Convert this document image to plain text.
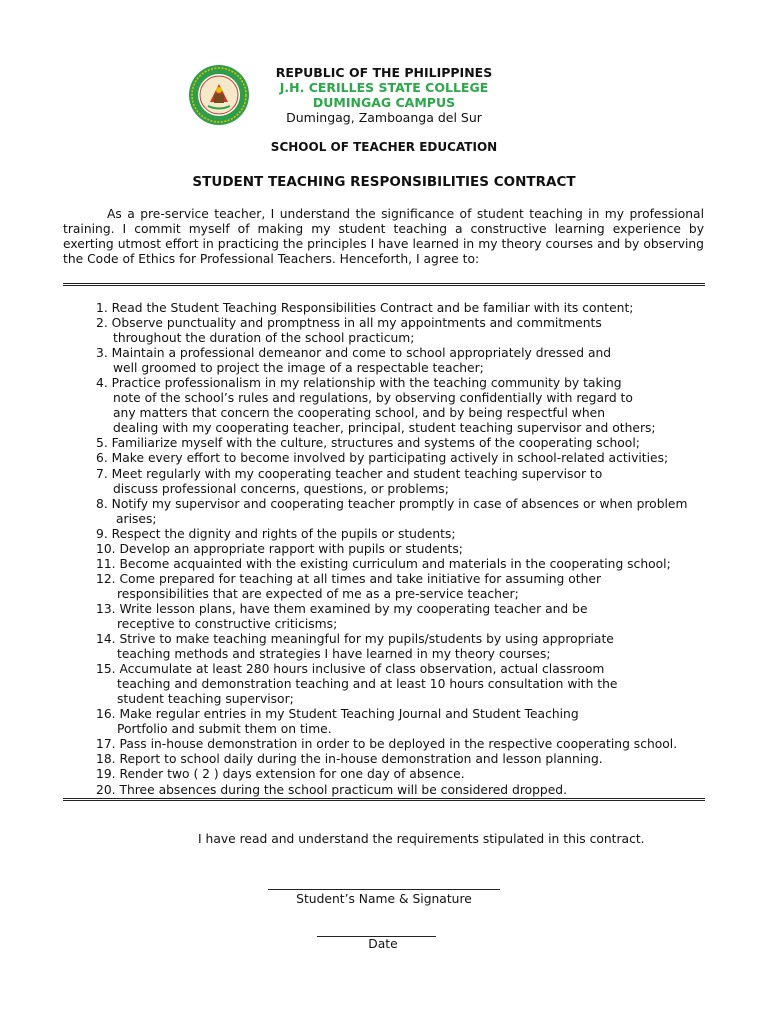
REPUBLIC OF THE PHILIPPINES
J.H. CERILLES STATE COLLEGE
DUMINGAG CAMPUS
Dumingag, Zamboanga del Sur
SCHOOL OF TEACHER EDUCATION
STUDENT TEACHING RESPONSIBILITIES CONTRACT
As a pre-service teacher, I understand the significance of student teaching in my professional training. I commit myself of making my student teaching a constructive learning experience by exerting utmost effort in practicing the principles I have learned in my theory courses and by observing the Code of Ethics for Professional Teachers. Henceforth, I agree to:
1. Read the Student Teaching Responsibilities Contract and be familiar with its content;
2. Observe punctuality and promptness in all my appointments and commitments
throughout the duration of the school practicum;
3. Maintain a professional demeanor and come to school appropriately dressed and
well groomed to project the image of a respectable teacher;
4. Practice professionalism in my relationship with the teaching community by taking
note of the school’s rules and regulations, by observing confidentially with regard to
any matters that concern the cooperating school, and by being respectful when
dealing with my cooperating teacher, principal, student teaching supervisor and others;
5. Familiarize myself with the culture, structures and systems of the cooperating school;
6. Make every effort to become involved by participating actively in school-related activities;
7. Meet regularly with my cooperating teacher and student teaching supervisor to
discuss professional concerns, questions, or problems;
8. Notify my supervisor and cooperating teacher promptly in case of absences or when problem
arises;
9. Respect the dignity and rights of the pupils or students;
10. Develop an appropriate rapport with pupils or students;
11. Become acquainted with the existing curriculum and materials in the cooperating school;
12. Come prepared for teaching at all times and take initiative for assuming other
responsibilities that are expected of me as a pre-service teacher;
13. Write lesson plans, have them examined by my cooperating teacher and be
receptive to constructive criticisms;
14. Strive to make teaching meaningful for my pupils/students by using appropriate
teaching methods and strategies I have learned in my theory courses;
15. Accumulate at least 280 hours inclusive of class observation, actual classroom
teaching and demonstration teaching and at least 10 hours consultation with the
student teaching supervisor;
16. Make regular entries in my Student Teaching Journal and Student Teaching
Portfolio and submit them on time.
17. Pass in-house demonstration in order to be deployed in the respective cooperating school.
18. Report to school daily during the in-house demonstration and lesson planning.
19. Render two ( 2 ) days extension for one day of absence.
20. Three absences during the school practicum will be considered dropped.
I have read and understand the requirements stipulated in this contract.
Student’s Name & Signature
Date
